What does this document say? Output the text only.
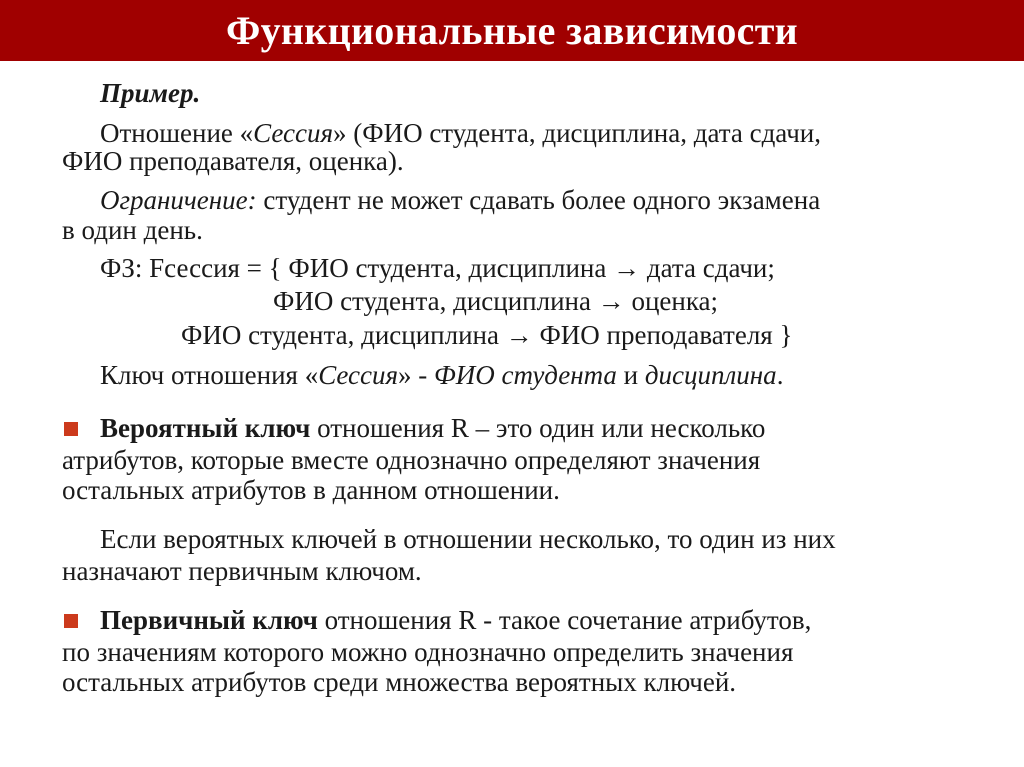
Функциональные зависимости
Пример.
Отношение «Сессия» (ФИО студента, дисциплина, дата сдачи,
ФИО преподавателя, оценка).
Ограничение: студент не может сдавать более одного экзамена
в один день.
ФЗ: Fсессия = { ФИО студента, дисциплина → дата сдачи;
ФИО студента, дисциплина → оценка;
ФИО студента, дисциплина → ФИО преподавателя }
Ключ отношения «Сессия» - ФИО студента и дисциплина.
Вероятный ключ отношения R – это один или несколько
атрибутов, которые вместе однозначно определяют значения
остальных атрибутов в данном отношении.
Если вероятных ключей в отношении несколько, то один из них
назначают первичным ключом.
Первичный ключ отношения R - такое сочетание атрибутов,
по значениям которого можно однозначно определить значения
остальных атрибутов среди множества вероятных ключей.
